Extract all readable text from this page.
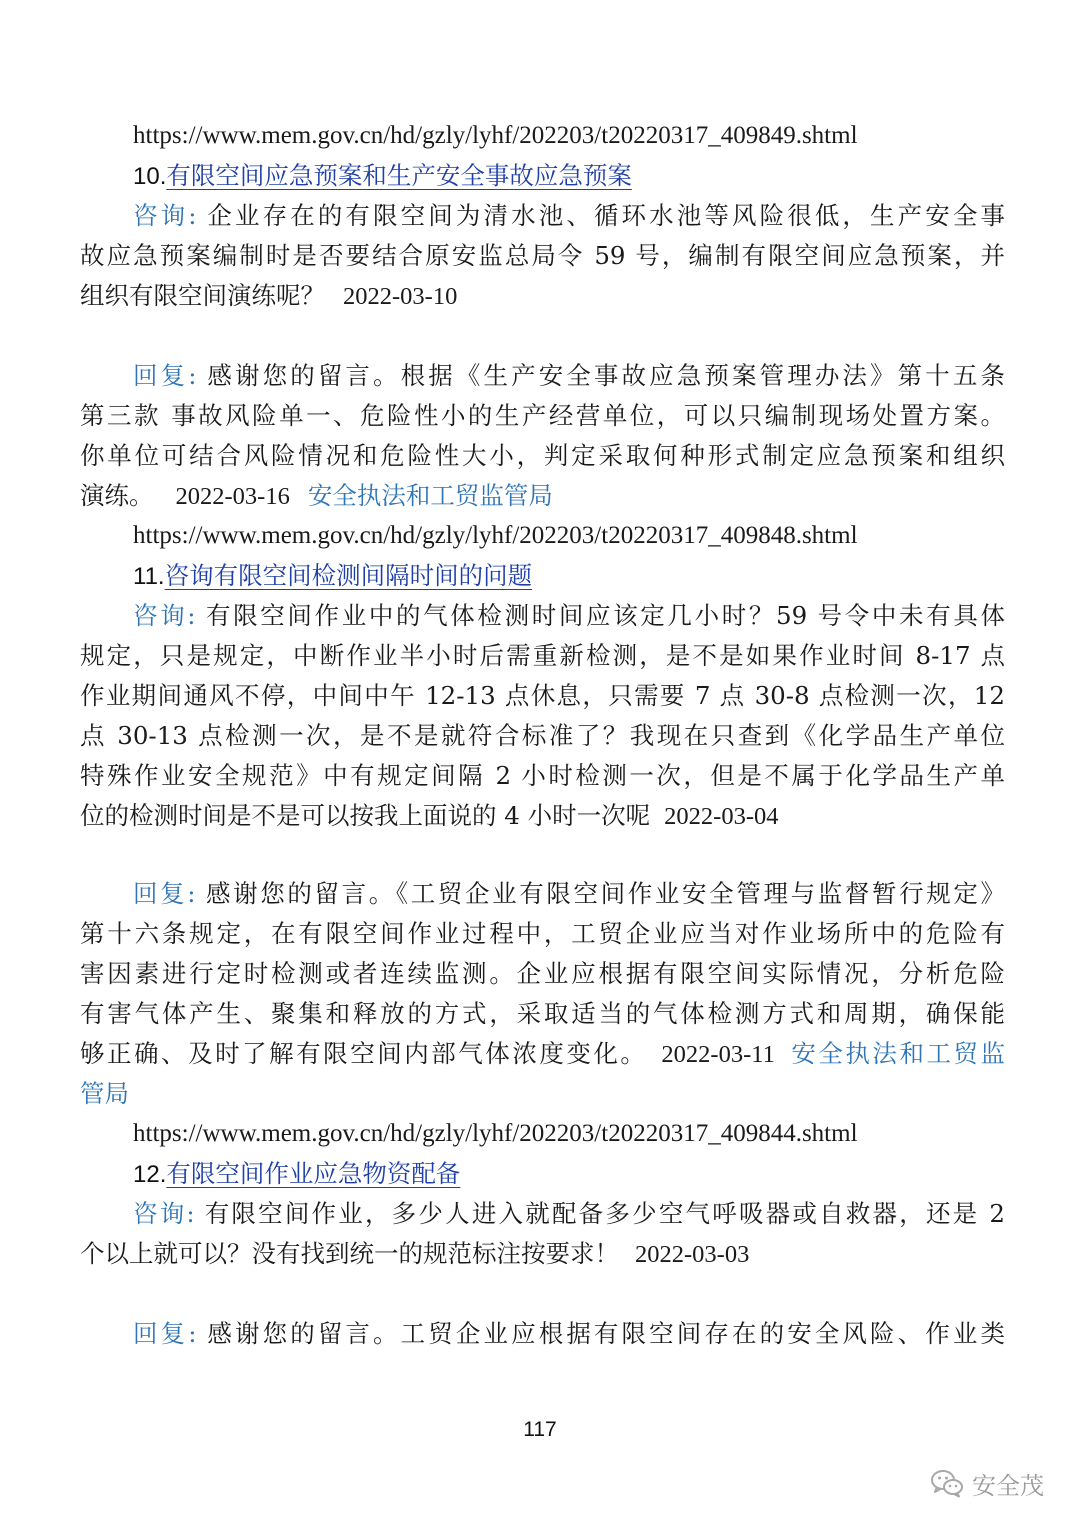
https://www.mem.gov.cn/hd/gzly/lyhf/202203/t20220317_409849.shtml
10.有限空间应急预案和生产安全事故应急预案
咨询: 企业存在的有限空间为清水池、循环水池等风险很低，生产安全事
故应急预案编制时是否要结合原安监总局令 59 号，编制有限空间应急预案，并
组织有限空间演练呢？ 2022-03-10
回复: 感谢您的留言。根据《生产安全事故应急预案管理办法》第十五条
第三款 事故风险单一、危险性小的生产经营单位，可以只编制现场处置方案。
你单位可结合风险情况和危险性大小，判定采取何种形式制定应急预案和组织
演练。 2022-03-16 安全执法和工贸监管局
https://www.mem.gov.cn/hd/gzly/lyhf/202203/t20220317_409848.shtml
11.咨询有限空间检测间隔时间的问题
咨询: 有限空间作业中的气体检测时间应该定几小时？59 号令中未有具体
规定，只是规定，中断作业半小时后需重新检测，是不是如果作业时间 8-17 点
作业期间通风不停，中间中午 12-13 点休息，只需要 7 点 30-8 点检测一次，12
点 30-13 点检测一次，是不是就符合标准了？我现在只查到《化学品生产单位
特殊作业安全规范》中有规定间隔 2 小时检测一次，但是不属于化学品生产单
位的检测时间是不是可以按我上面说的 4 小时一次呢 2022-03-04
回复: 感谢您的留言。《工贸企业有限空间作业安全管理与监督暂行规定》
第十六条规定，在有限空间作业过程中，工贸企业应当对作业场所中的危险有
害因素进行定时检测或者连续监测。企业应根据有限空间实际情况，分析危险
有害气体产生、聚集和释放的方式，采取适当的气体检测方式和周期，确保能
够正确、及时了解有限空间内部气体浓度变化。 2022-03-11 安全执法和工贸监
管局
https://www.mem.gov.cn/hd/gzly/lyhf/202203/t20220317_409844.shtml
12.有限空间作业应急物资配备
咨询: 有限空间作业，多少人进入就配备多少空气呼吸器或自救器，还是 2
个以上就可以？没有找到统一的规范标注按要求！ 2022-03-03
回复: 感谢您的留言。工贸企业应根据有限空间存在的安全风险、作业类
117
安全茂
